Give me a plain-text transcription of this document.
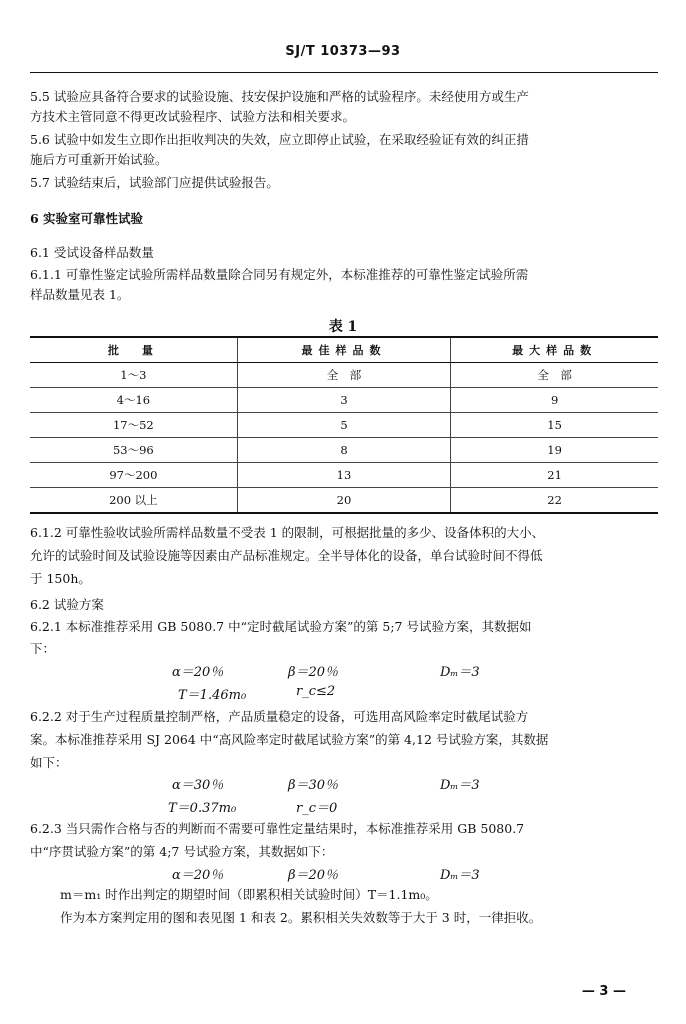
SJ/T 10373—93
5.5 试验应具备符合要求的试验设施、技安保护设施和严格的试验程序。未经使用方或生产
方技术主管同意不得更改试验程序、试验方法和相关要求。
5.6 试验中如发生立即作出拒收判决的失效，应立即停止试验，在采取经验证有效的纠正措
施后方可重新开始试验。
5.7 试验结束后，试验部门应提供试验报告。
6 实验室可靠性试验
6.1 受试设备样品数量
6.1.1 可靠性鉴定试验所需样品数量除合同另有规定外，本标准推荐的可靠性鉴定试验所需
样品数量见表 1。
表 1
批　量	最佳样品数	最大样品数
1～3	全　部	全　部
4～16	3	9
17～52	5	15
53～96	8	19
97～200	13	21
200 以上	20	22
6.1.2 可靠性验收试验所需样品数量不受表 1 的限制，可根据批量的多少、设备体积的大小、
允许的试验时间及试验设施等因素由产品标准规定。全半导体化的设备，单台试验时间不得低
于 150h。
6.2 试验方案
6.2.1 本标准推荐采用 GB 5080.7 中“定时截尾试验方案”的第 5;7 号试验方案，其数据如
下：
α＝20％	β＝20％	Dₘ＝3
T＝1.46m₀	r_c≤2
6.2.2 对于生产过程质量控制严格，产品质量稳定的设备，可选用高风险率定时截尾试验方
案。本标准推荐采用 SJ 2064 中“高风险率定时截尾试验方案”的第 4,12 号试验方案，其数据
如下：
α＝30％	β＝30％	Dₘ＝3
T＝0.37m₀	r_c＝0
6.2.3 当只需作合格与否的判断而不需要可靠性定量结果时，本标准推荐采用 GB 5080.7
中“序贯试验方案”的第 4;7 号试验方案，其数据如下：
α＝20％	β＝20％	Dₘ＝3
m＝m₁ 时作出判定的期望时间（即累积相关试验时间）T＝1.1m₀。
作为本方案判定用的图和表见图 1 和表 2。累积相关失效数等于大于 3 时，一律拒收。
— 3 —
